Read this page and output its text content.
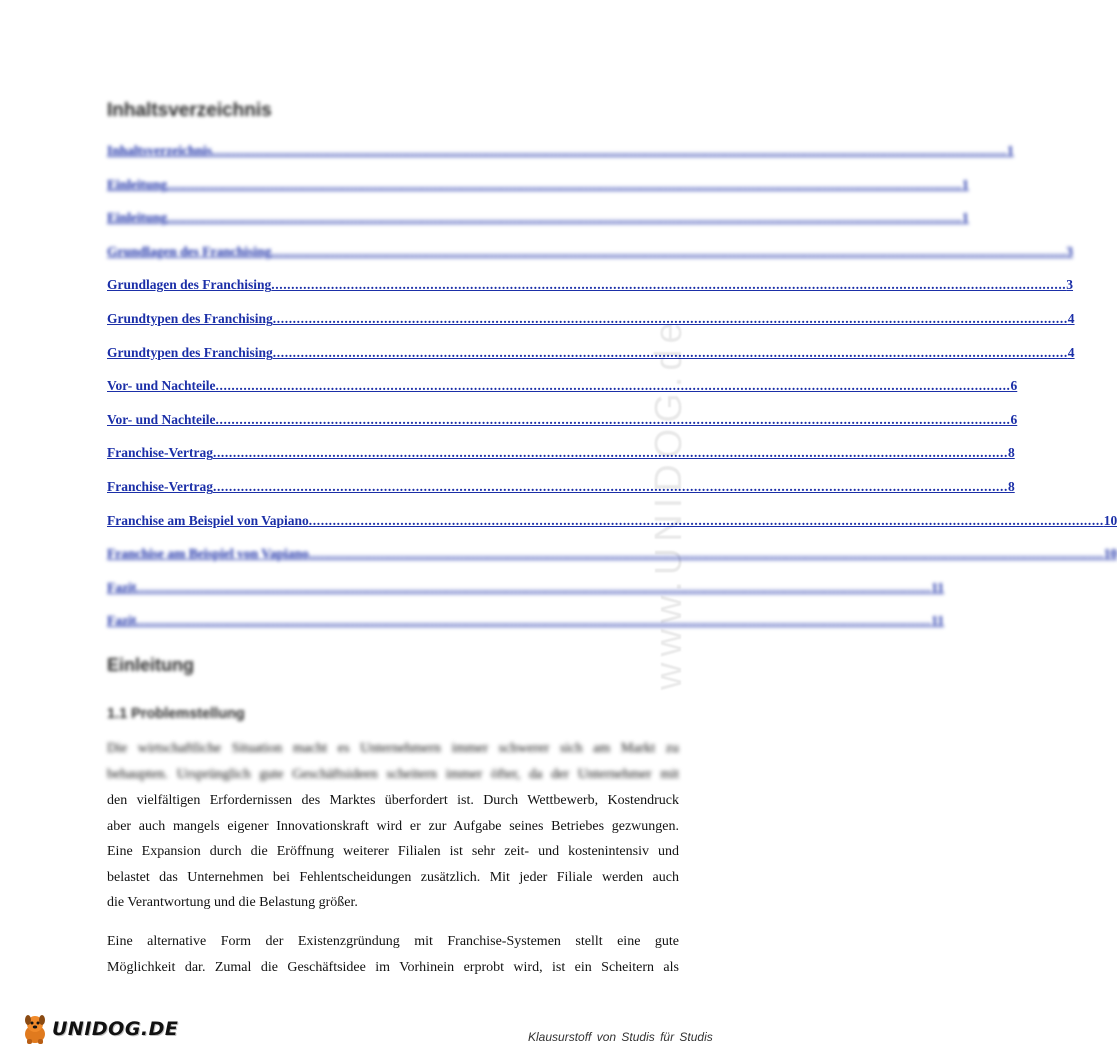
www.UNIDOG.de
Inhaltsverzeichnis
Inhaltsverzeichnis ........................................................................................................................................................................................................ 1
Einleitung ........................................................................................................................................................................................................ 1
Einleitung ........................................................................................................................................................................................................ 1
Grundlagen des Franchising ........................................................................................................................................................................................................ 3
Grundlagen des Franchising ........................................................................................................................................................................................................ 3
Grundtypen des Franchising ........................................................................................................................................................................................................ 4
Grundtypen des Franchising ........................................................................................................................................................................................................ 4
Vor- und Nachteile ........................................................................................................................................................................................................ 6
Vor- und Nachteile ........................................................................................................................................................................................................ 6
Franchise-Vertrag ........................................................................................................................................................................................................ 8
Franchise-Vertrag ........................................................................................................................................................................................................ 8
Franchise am Beispiel von Vapiano ........................................................................................................................................................................................................ 10
Franchise am Beispiel von Vapiano ........................................................................................................................................................................................................ 10
Fazit ........................................................................................................................................................................................................ 11
Fazit ........................................................................................................................................................................................................ 11
Einleitung
1.1 Problemstellung
Die wirtschaftliche Situation macht es Unternehmern immer schwerer sich am Markt zu
behaupten. Ursprünglich gute Geschäftsideen scheitern immer öfter, da der Unternehmer mit
den vielfältigen Erfordernissen des Marktes überfordert ist. Durch Wettbewerb, Kostendruck
aber auch mangels eigener Innovationskraft wird er zur Aufgabe seines Betriebes gezwungen.
Eine Expansion durch die Eröffnung weiterer Filialen ist sehr zeit- und kostenintensiv und
belastet das Unternehmen bei Fehlentscheidungen zusätzlich. Mit jeder Filiale werden auch
die Verantwortung und die Belastung größer.
Eine alternative Form der Existenzgründung mit Franchise-Systemen stellt eine gute
Möglichkeit dar. Zumal die Geschäftsidee im Vorhinein erprobt wird, ist ein Scheitern als
UNIDOG.DE	Klausurstoff von Studis für Studis
